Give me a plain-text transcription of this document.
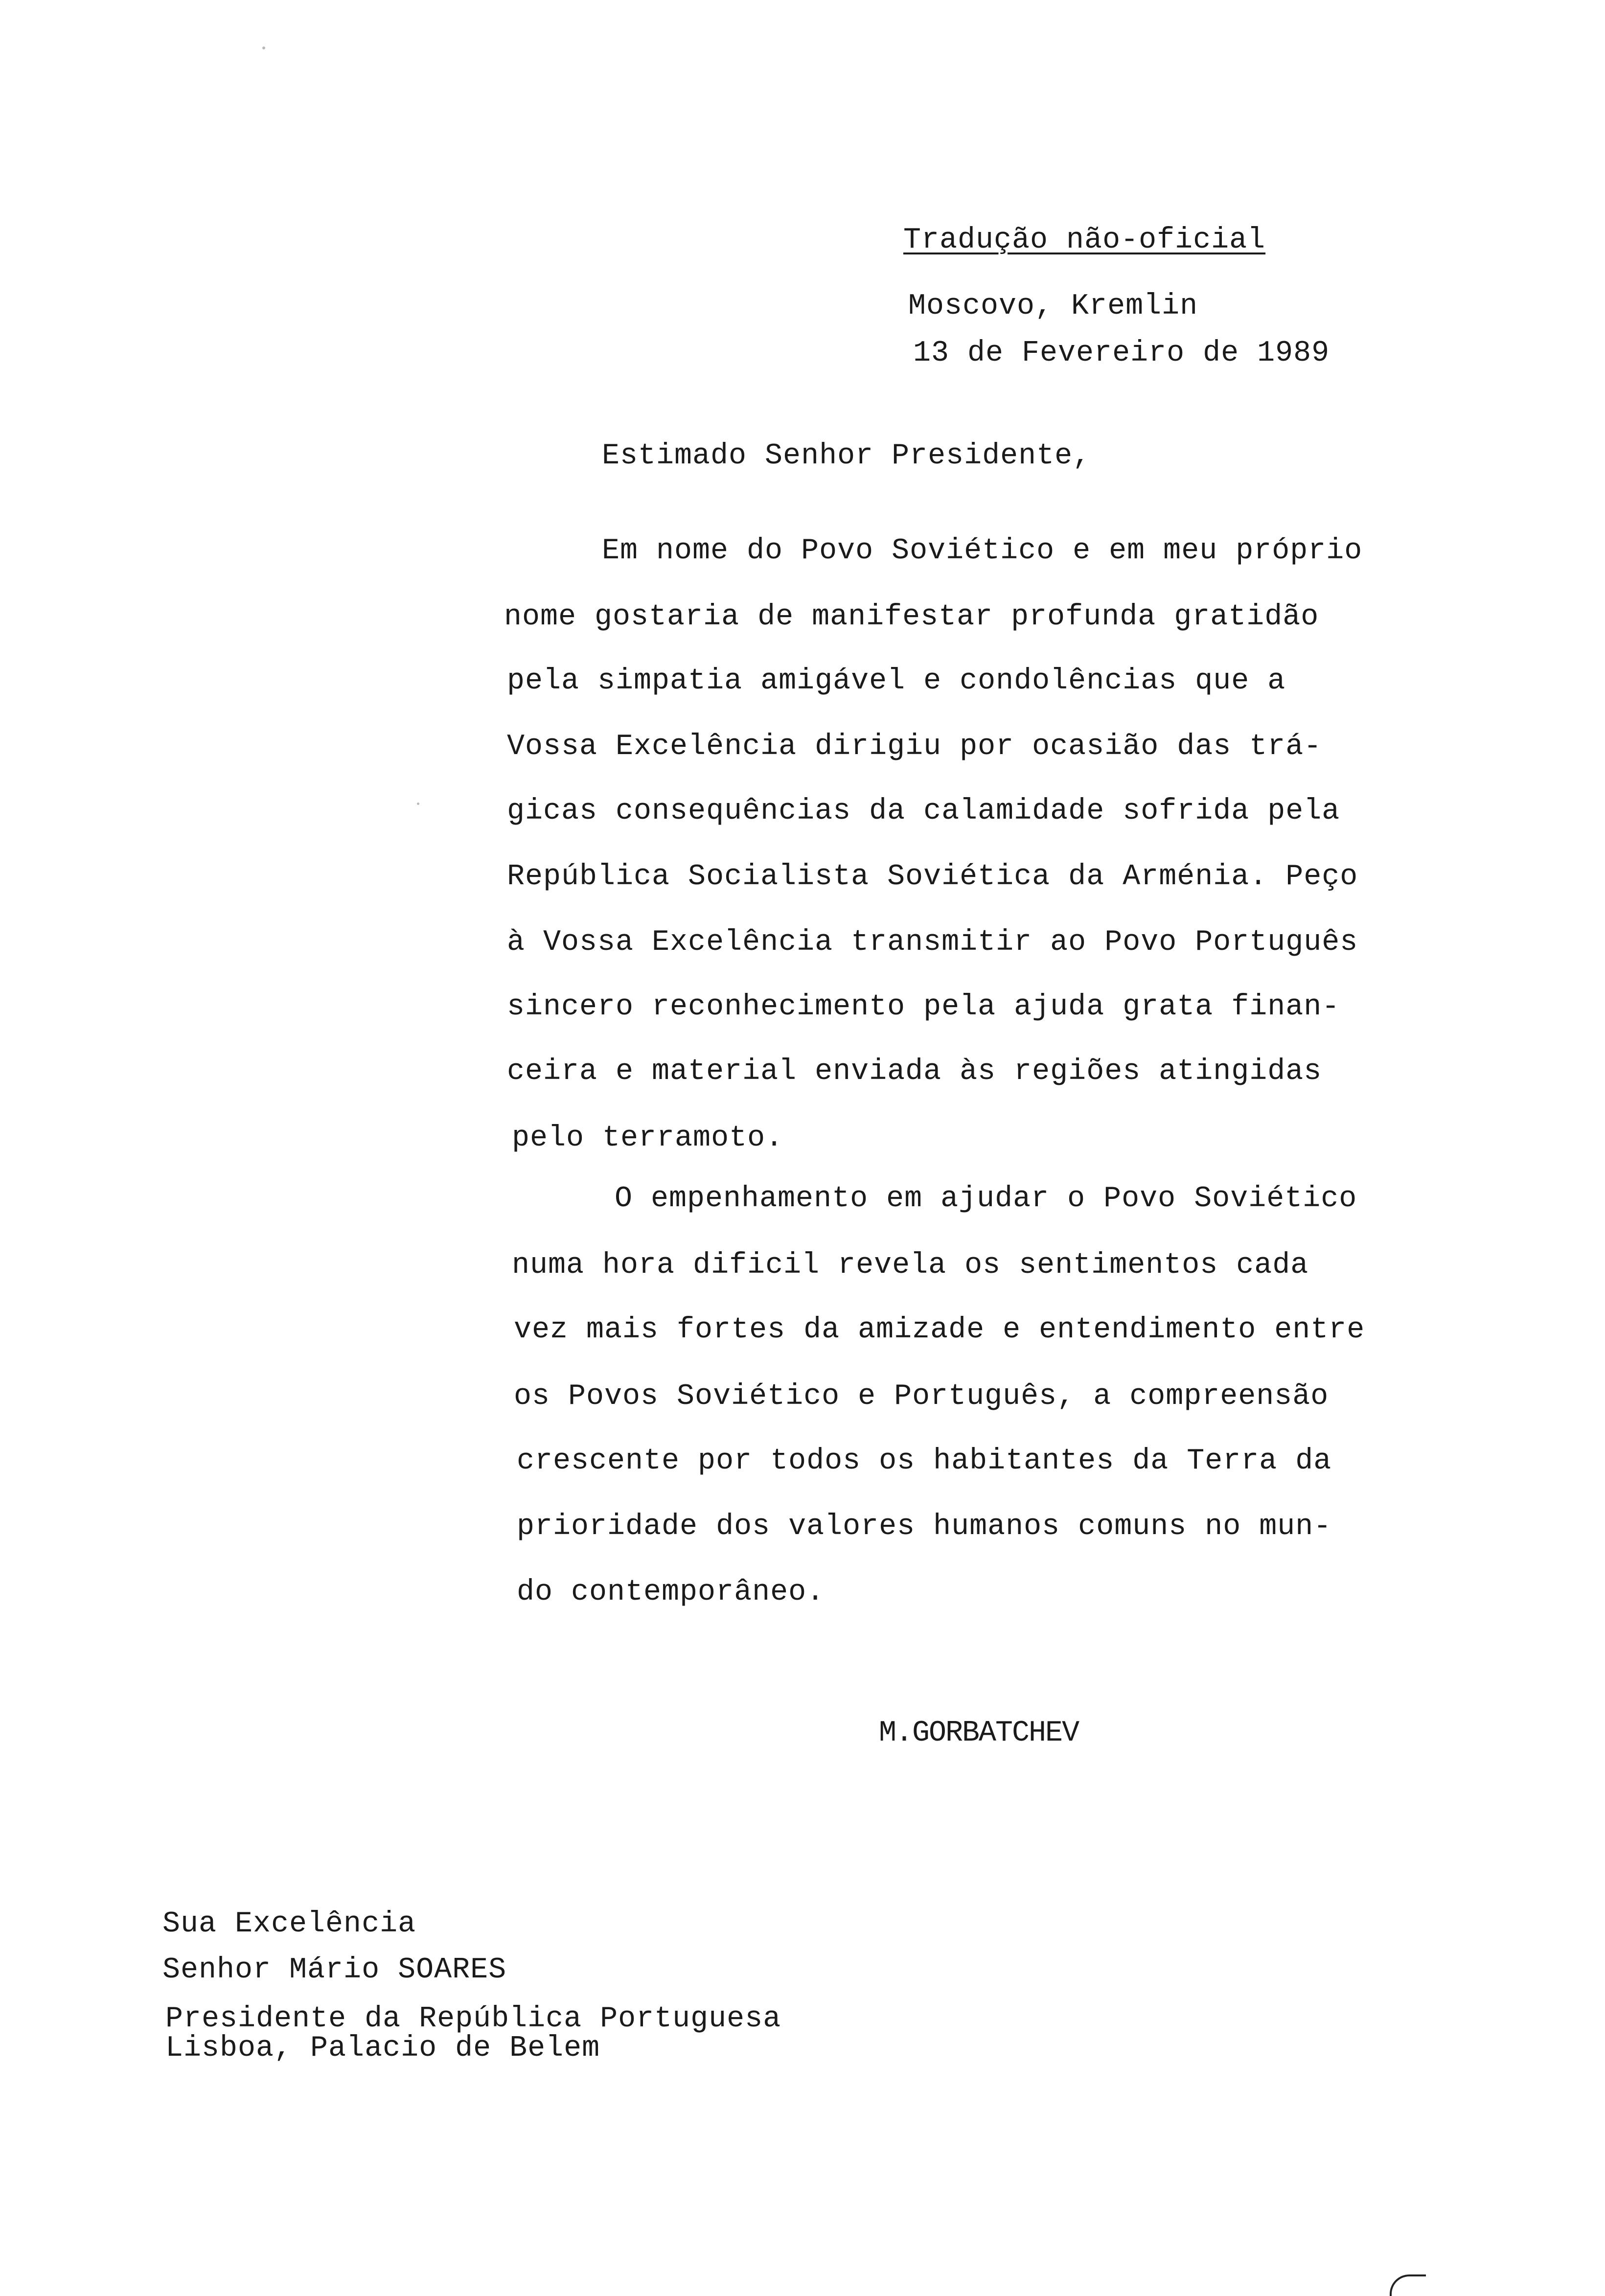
Tradução não-oficial
Moscovo, Kremlin
13 de Fevereiro de 1989
Estimado Senhor Presidente,
Em nome do Povo Soviético e em meu próprio
nome gostaria de manifestar profunda gratidão
pela simpatia amigável e condolências que a
Vossa Excelência dirigiu por ocasião das trá-
gicas consequências da calamidade sofrida pela
República Socialista Soviética da Arménia. Peço
à Vossa Excelência transmitir ao Povo Português
sincero reconhecimento pela ajuda grata finan-
ceira e material enviada às regiões atingidas
pelo terramoto.
O empenhamento em ajudar o Povo Soviético
numa hora dificil revela os sentimentos cada
vez mais fortes da amizade e entendimento entre
os Povos Soviético e Português, a compreensão
crescente por todos os habitantes da Terra da
prioridade dos valores humanos comuns no mun-
do contemporâneo.
M.GORBATCHEV
Sua Excelência
Senhor Mário SOARES
Presidente da República Portuguesa
Lisboa, Palacio de Belem
